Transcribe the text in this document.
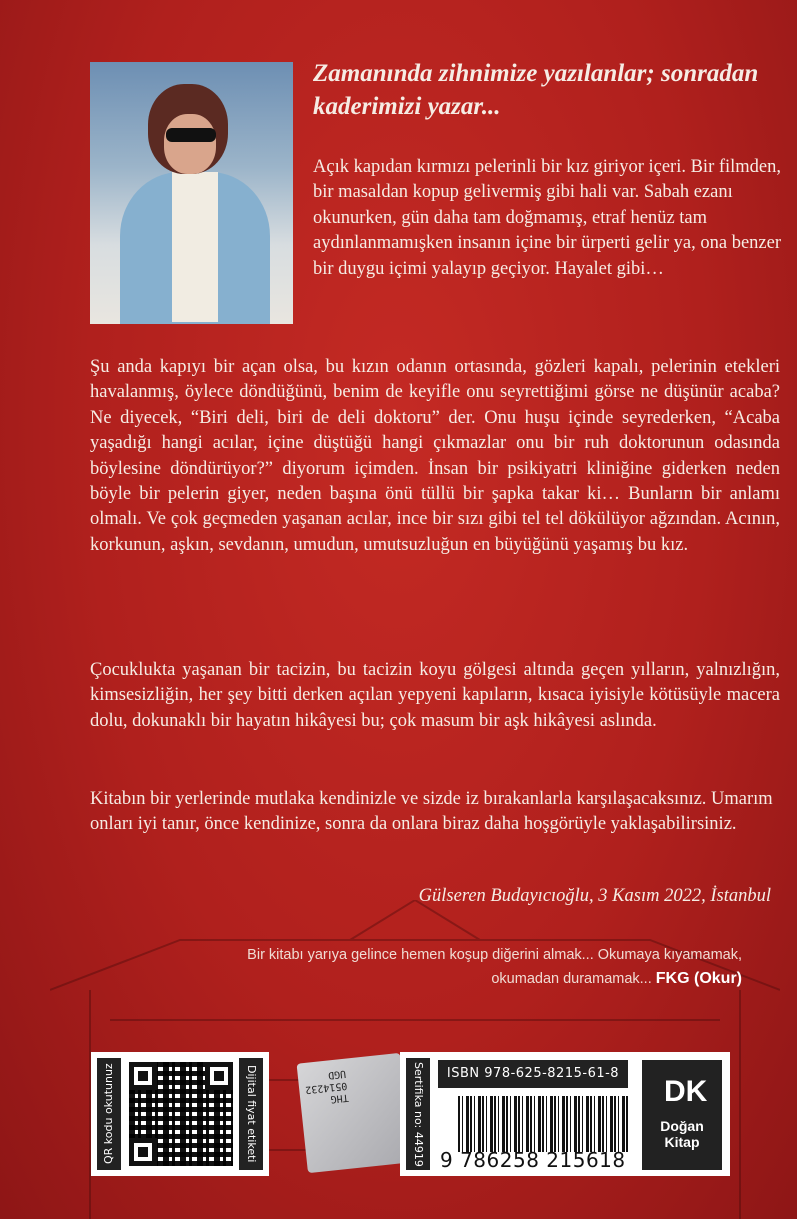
Zamanında zihnimize yazılanlar; sonradan kaderimizi yazar...

Açık kapıdan kırmızı pelerinli bir kız giriyor içeri. Bir filmden, bir masaldan kopup gelivermiş gibi hali var. Sabah ezanı okunurken, gün daha tam doğmamış, etraf henüz tam aydınlanmamışken insanın içine bir ürperti gelir ya, ona benzer bir duygu içimi yalayıp geçiyor. Hayalet gibi…

Şu anda kapıyı bir açan olsa, bu kızın odanın ortasında, gözleri kapalı, pelerinin etekleri havalanmış, öylece döndüğünü, benim de keyifle onu seyrettiğimi görse ne düşünür acaba? Ne diyecek, “Biri deli, biri de deli doktoru” der. Onu huşu içinde seyrederken, “Acaba yaşadığı hangi acılar, içine düştüğü hangi çıkmazlar onu bir ruh doktorunun odasında böylesine döndürüyor?” diyorum içimden. İnsan bir psikiyatri kliniğine giderken neden böyle bir pelerin giyer, neden başına önü tüllü bir şapka takar ki… Bunların bir anlamı olmalı. Ve çok geçmeden yaşanan acılar, ince bir sızı gibi tel tel dökülüyor ağzından. Acının, korkunun, aşkın, sevdanın, umudun, umutsuzluğun en büyüğünü yaşamış bu kız.

Çocuklukta yaşanan bir tacizin, bu tacizin koyu gölgesi altında geçen yılların, yalnızlığın, kimsesizliğin, her şey bitti derken açılan yepyeni kapıların, kısaca iyisiyle kötüsüyle macera dolu, dokunaklı bir hayatın hikâyesi bu; çok masum bir aşk hikâyesi aslında.

Kitabın bir yerlerinde mutlaka kendinizle ve sizde iz bırakanlarla karşılaşacaksınız. Umarım onları iyi tanır, önce kendinize, sonra da onlara biraz daha hoşgörüyle yaklaşabilirsiniz.

Gülseren Budayıcıoğlu, 3 Kasım 2022, İstanbul
Bir kitabı yarıya gelince hemen koşup diğerini almak... Okumaya kıyamamak, okumadan duramamak... FKG (Okur)
QR kodu okutunuz	Dijital fiyat etiketi	THG
0514232
UGD	Sertifika no: 44919	ISBN 978-625-8215-61-8
9 786258 215618
DK
Doğan
Kitap
